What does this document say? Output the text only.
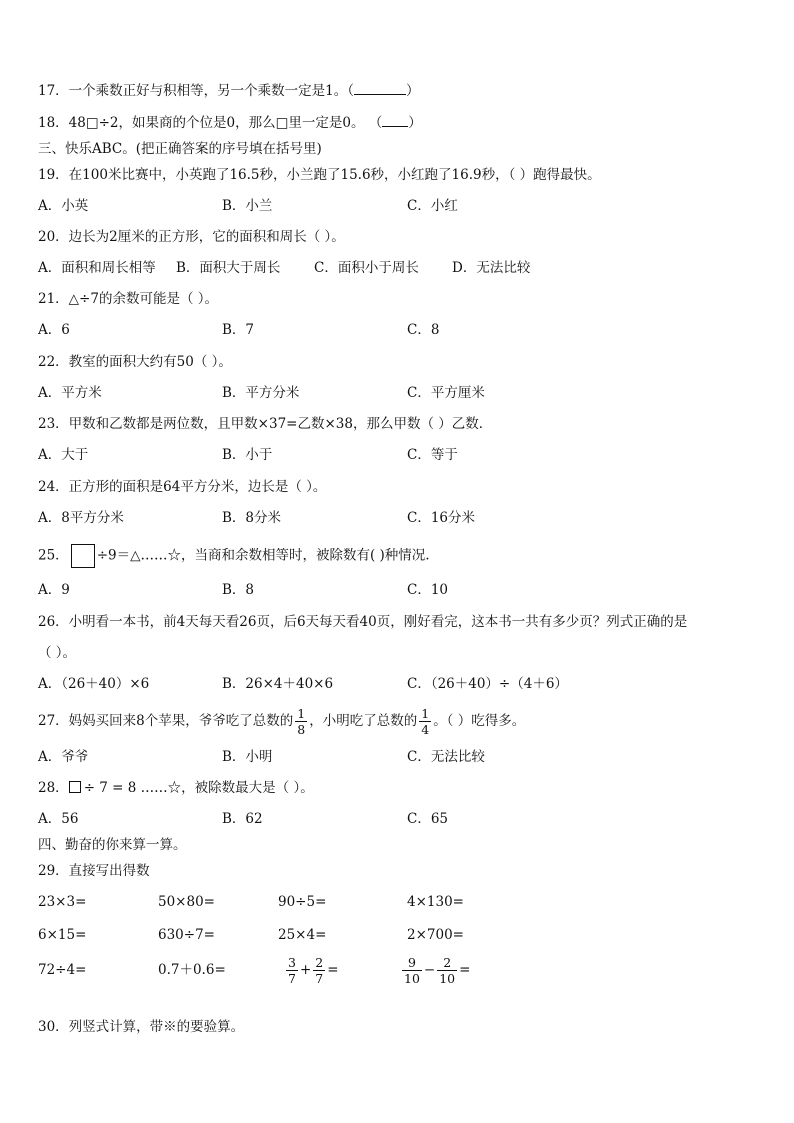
17．一个乘数正好与积相等，另一个乘数一定是1。（	）
18．48□÷2，如果商的个位是0，那么□里一定是0。 （ ）
三、快乐ABC。(把正确答案的序号填在括号里)
19．在100米比赛中，小英跑了16.5秒，小兰跑了15.6秒，小红跑了16.9秒，（ ）跑得最快。
A．小英	B．小兰	C．小红
20．边长为2厘米的正方形，它的面积和周长（ ）。
A．面积和周长相等 B．面积大于周长 C．面积小于周长 D．无法比较
21．△÷7的余数可能是（ ）。
A．6	B．7	C．8
22．教室的面积大约有50（ ）。
A．平方米	B．平方分米	C．平方厘米
23．甲数和乙数都是两位数，且甲数×37=乙数×38，那么甲数（ ）乙数．
A．大于	B．小于	C．等于
24．正方形的面积是64平方分米，边长是（ ）。
A．8平方分米	B．8分米	C．16分米
25． ÷9＝△……☆，当商和余数相等时，被除数有( )种情况.
A．9	B．8	C．10
26．小明看一本书，前4天每天看26页，后6天每天看40页，刚好看完，这本书一共有多少页？列式正确的是
（ ）。
A．（26＋40）×6	B．26×4＋40×6	C．（26＋40）÷（4＋6）
27．妈妈买回来8个苹果，爷爷吃了总数的 $\frac{1}{8}$ ，小明吃了总数的 $\frac{1}{4}$ 。（ ）吃得多。
A．爷爷	B．小明	C．无法比较
28． ÷ 7 = 8 ……☆，被除数最大是（ ）。
A．56	B．62	C．65
四、勤奋的你来算一算。
29．直接写出得数
23×3=	50×80=	90÷5=	4×130=
6×15=	630÷7=	25×4=	2×700=
72÷4=	0.7＋0.6=	$\frac{3}{7} + \frac{2}{7}$ =	$\frac{9}{10} - \frac{2}{10}$ =
30．列竖式计算，带※的要验算。
